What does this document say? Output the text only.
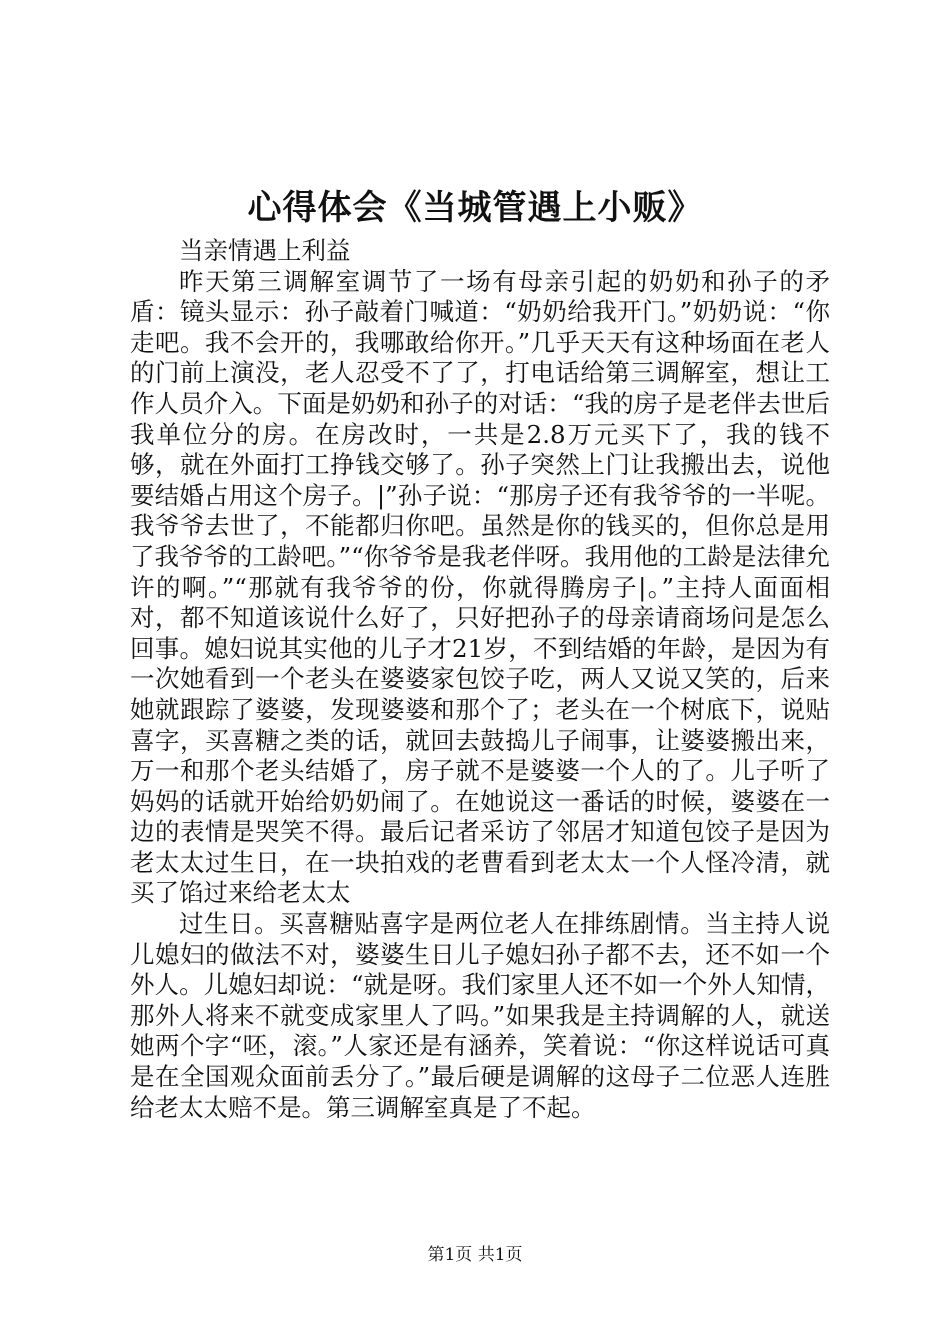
心得体会《当城管遇上小贩》

当亲情遇上利益

昨天第三调解室调节了一场有母亲引起的奶奶和孙子的矛盾：镜头显示：孙子敲着门喊道：“奶奶给我开门。”奶奶说：“你走吧。我不会开的，我哪敢给你开。”几乎天天有这种场面在老人的门前上演没，老人忍受不了了，打电话给第三调解室，想让工作人员介入。下面是奶奶和孙子的对话：“我的房子是老伴去世后我单位分的房。在房改时，一共是2.8万元买下了，我的钱不够，就在外面打工挣钱交够了。孙子突然上门让我搬出去，说他要结婚占用这个房子。|”孙子说：“那房子还有我爷爷的一半呢。我爷爷去世了，不能都归你吧。虽然是你的钱买的，但你总是用了我爷爷的工龄吧。”“你爷爷是我老伴呀。我用他的工龄是法律允许的啊。”“那就有我爷爷的份，你就得腾房子|。”主持人面面相对，都不知道该说什么好了，只好把孙子的母亲请商场问是怎么回事。媳妇说其实他的儿子才21岁，不到结婚的年龄，是因为有一次她看到一个老头在婆婆家包饺子吃，两人又说又笑的，后来她就跟踪了婆婆，发现婆婆和那个了；老头在一个树底下，说贴喜字，买喜糖之类的话，就回去鼓捣儿子闹事，让婆婆搬出来，万一和那个老头结婚了，房子就不是婆婆一个人的了。儿子听了妈妈的话就开始给奶奶闹了。在她说这一番话的时候，婆婆在一边的表情是哭笑不得。最后记者采访了邻居才知道包饺子是因为老太太过生日，在一块拍戏的老曹看到老太太一个人怪冷清，就买了馅过来给老太太

过生日。买喜糖贴喜字是两位老人在排练剧情。当主持人说儿媳妇的做法不对，婆婆生日儿子媳妇孙子都不去，还不如一个外人。儿媳妇却说：“就是呀。我们家里人还不如一个外人知情，那外人将来不就变成家里人了吗。”如果我是主持调解的人，就送她两个字“呸，滚。”人家还是有涵养，笑着说：“你这样说话可真是在全国观众面前丢分了。”最后硬是调解的这母子二位恶人连胜给老太太赔不是。第三调解室真是了不起。

第1页 共1页
